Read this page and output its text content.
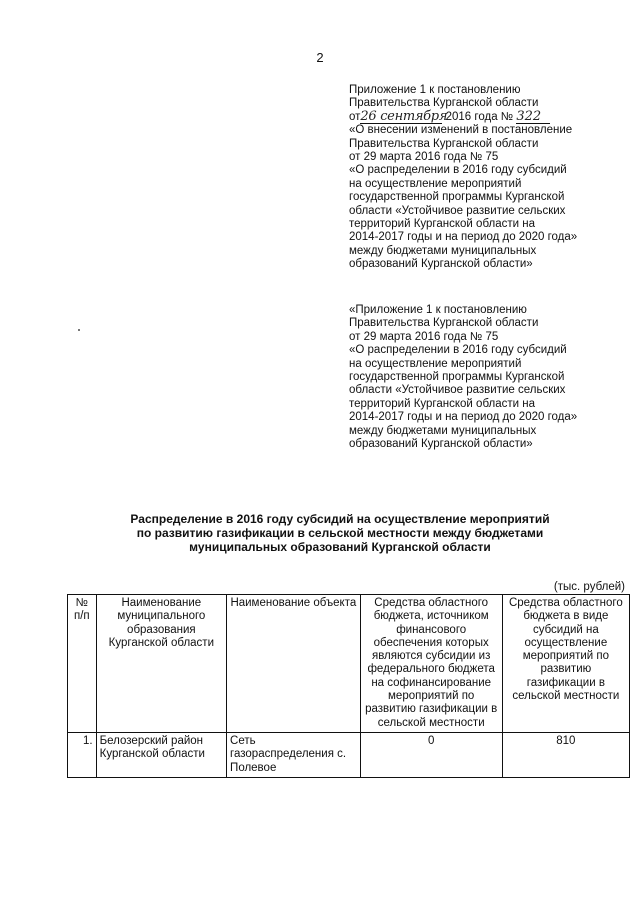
2
Приложение 1 к постановлению
Правительства Курганской области
от26 сентября 2016 года № 322
«О внесении изменений в постановление
Правительства Курганской области
от 29 марта 2016 года № 75
«О распределении в 2016 году субсидий
на осуществление мероприятий
государственной программы Курганской
области «Устойчивое развитие сельских
территорий Курганской области на
2014-2017 годы и на период до 2020 года»
между бюджетами муниципальных
образований Курганской области»
«Приложение 1 к постановлению
Правительства Курганской области
от 29 марта 2016 года № 75
«О распределении в 2016 году субсидий
на осуществление мероприятий
государственной программы Курганской
области «Устойчивое развитие сельских
территорий Курганской области на
2014-2017 годы и на период до 2020 года»
между бюджетами муниципальных
образований Курганской области»
Распределение в 2016 году субсидий на осуществление мероприятий
по развитию газификации в сельской местности между бюджетами
муниципальных образований Курганской области
(тыс. рублей)
№ п/п	Наименование муниципального образования Курганской области	Наименование объекта	Средства областного бюджета, источником финансового обеспечения которых являются субсидии из федерального бюджета на софинансирование мероприятий по развитию газификации в сельской местности	Средства областного бюджета в виде субсидий на осуществление мероприятий по развитию газификации в сельской местности
1.	Белозерский район Курганской области	Сеть газораспределения с. Полевое	0	810
